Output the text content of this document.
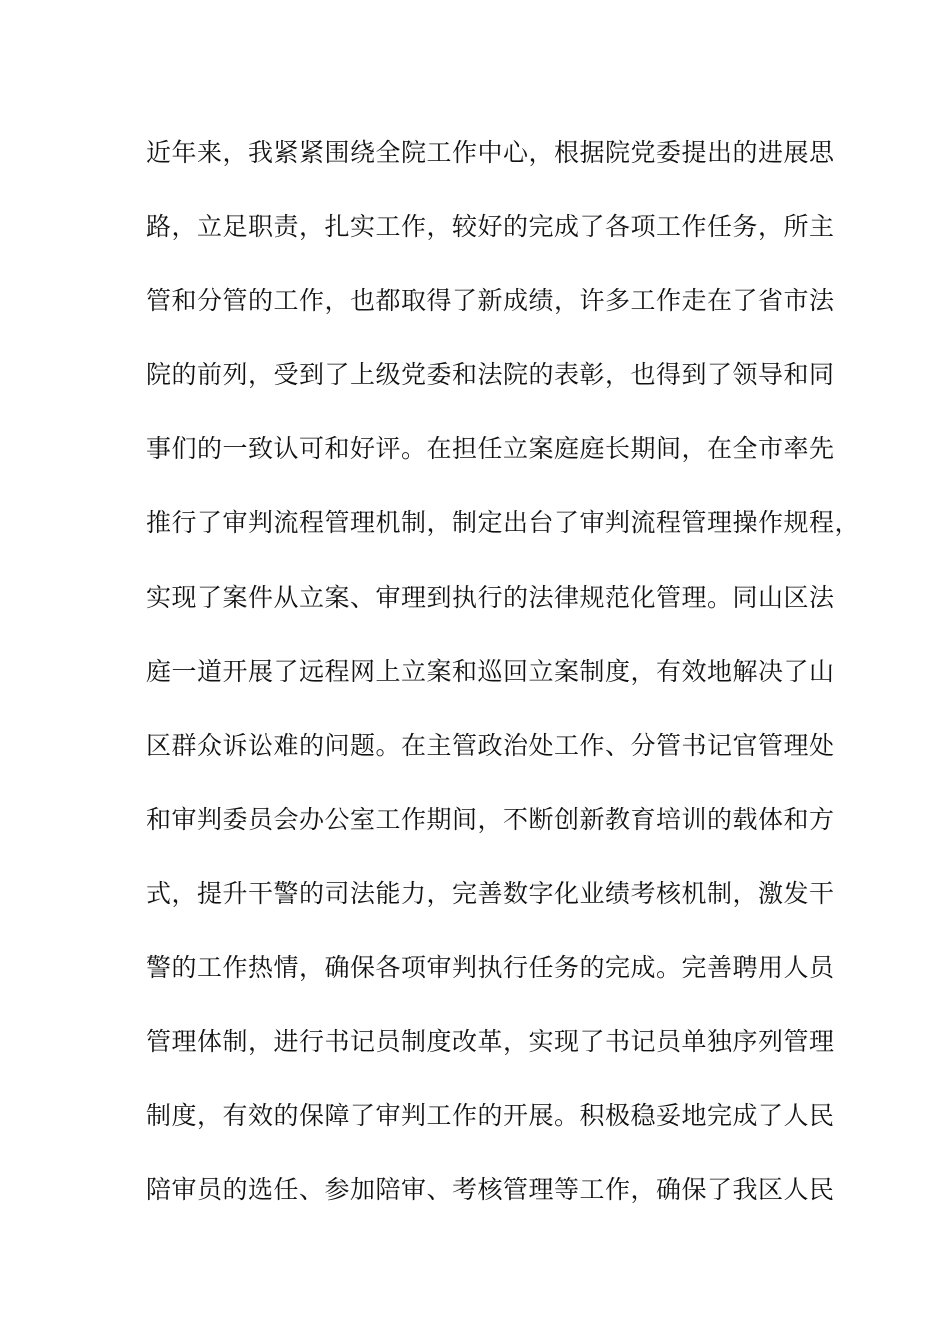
近年来，我紧紧围绕全院工作中心，根据院党委提出的进展思
路，立足职责，扎实工作，较好的完成了各项工作任务，所主
管和分管的工作，也都取得了新成绩，许多工作走在了省市法
院的前列，受到了上级党委和法院的表彰，也得到了领导和同
事们的一致认可和好评。在担任立案庭庭长期间，在全市率先
推行了审判流程管理机制，制定出台了审判流程管理操作规程，
实现了案件从立案、审理到执行的法律规范化管理。同山区法
庭一道开展了远程网上立案和巡回立案制度，有效地解决了山
区群众诉讼难的问题。在主管政治处工作、分管书记官管理处
和审判委员会办公室工作期间，不断创新教育培训的载体和方
式，提升干警的司法能力，完善数字化业绩考核机制，激发干
警的工作热情，确保各项审判执行任务的完成。完善聘用人员
管理体制，进行书记员制度改革，实现了书记员单独序列管理
制度，有效的保障了审判工作的开展。积极稳妥地完成了人民
陪审员的选任、参加陪审、考核管理等工作，确保了我区人民
